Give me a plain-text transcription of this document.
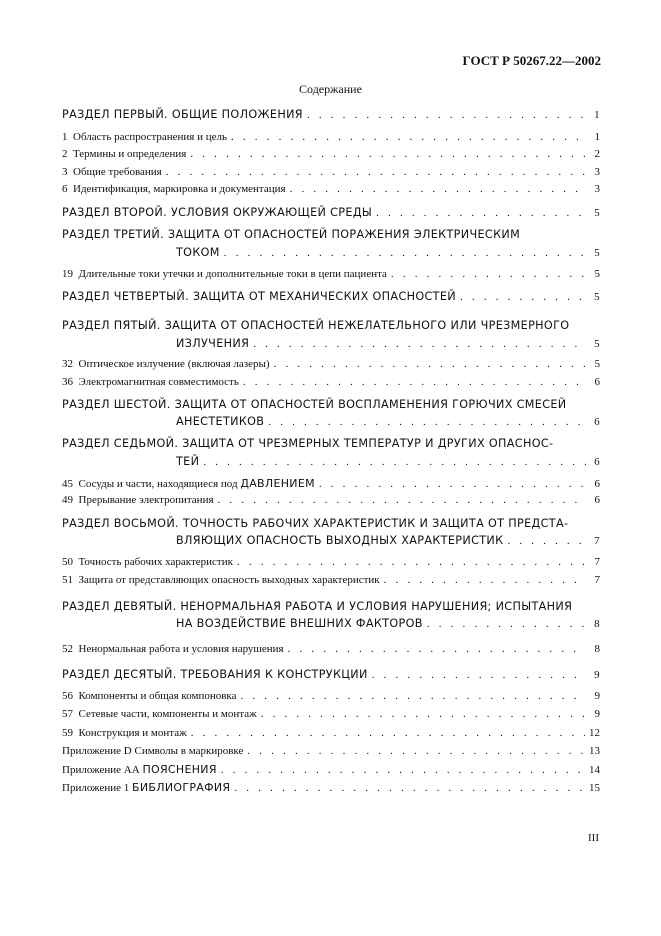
ГОСТ Р 50267.22—2002
Содержание
РАЗДЕЛ ПЕРВЫЙ. ОБЩИЕ ПОЛОЖЕНИЯ . . .	1
1  Область распространения и цель . . .	1
2  Термины и определения . . .	2
3  Общие требования . . .	3
6  Идентификация, маркировка и документация . . .	3
РАЗДЕЛ ВТОРОЙ. УСЛОВИЯ ОКРУЖАЮЩЕЙ СРЕДЫ . . .	5
РАЗДЕЛ ТРЕТИЙ. ЗАЩИТА ОТ ОПАСНОСТЕЙ ПОРАЖЕНИЯ ЭЛЕКТРИЧЕСКИМ
ТОКОМ . . .	5
19  Длительные токи утечки и дополнительные токи в цепи пациента . . .	5
РАЗДЕЛ ЧЕТВЕРТЫЙ. ЗАЩИТА ОТ МЕХАНИЧЕСКИХ ОПАСНОСТЕЙ . . .	5
РАЗДЕЛ ПЯТЫЙ. ЗАЩИТА ОТ ОПАСНОСТЕЙ НЕЖЕЛАТЕЛЬНОГО ИЛИ ЧРЕЗМЕРНОГО
ИЗЛУЧЕНИЯ . . .	5
32  Оптическое излучение (включая лазеры) . . .	5
36  Электромагнитная совместимость . . .	6
РАЗДЕЛ ШЕСТОЙ. ЗАЩИТА ОТ ОПАСНОСТЕЙ ВОСПЛАМЕНЕНИЯ ГОРЮЧИХ СМЕСЕЙ
АНЕСТЕТИКОВ . . .	6
РАЗДЕЛ СЕДЬМОЙ. ЗАЩИТА ОТ ЧРЕЗМЕРНЫХ ТЕМПЕРАТУР И ДРУГИХ ОПАСНОС-
ТЕЙ . . .	6
45  Сосуды и части, находящиеся под ДАВЛЕНИЕМ . . .	6
49  Прерывание электропитания . . .	6
РАЗДЕЛ ВОСЬМОЙ. ТОЧНОСТЬ РАБОЧИХ ХАРАКТЕРИСТИК И ЗАЩИТА ОТ ПРЕДСТА-
ВЛЯЮЩИХ ОПАСНОСТЬ ВЫХОДНЫХ ХАРАКТЕРИСТИК . . .	7
50  Точность рабочих характеристик . . .	7
51  Защита от представляющих опасность выходных характеристик . . .	7
РАЗДЕЛ ДЕВЯТЫЙ. НЕНОРМАЛЬНАЯ РАБОТА И УСЛОВИЯ НАРУШЕНИЯ; ИСПЫТАНИЯ
НА ВОЗДЕЙСТВИЕ ВНЕШНИХ ФАКТОРОВ . . .	8
52  Ненормальная работа и условия нарушения . . .	8
РАЗДЕЛ ДЕСЯТЫЙ. ТРЕБОВАНИЯ К КОНСТРУКЦИИ . . .	9
56  Компоненты и общая компоновка . . .	9
57  Сетевые части, компоненты и монтаж . . .	9
59  Конструкция и монтаж . . .	12
Приложение D Символы в маркировке . . .	13
Приложение АА ПОЯСНЕНИЯ . . .	14
Приложение 1 БИБЛИОГРАФИЯ . . .	15
III
